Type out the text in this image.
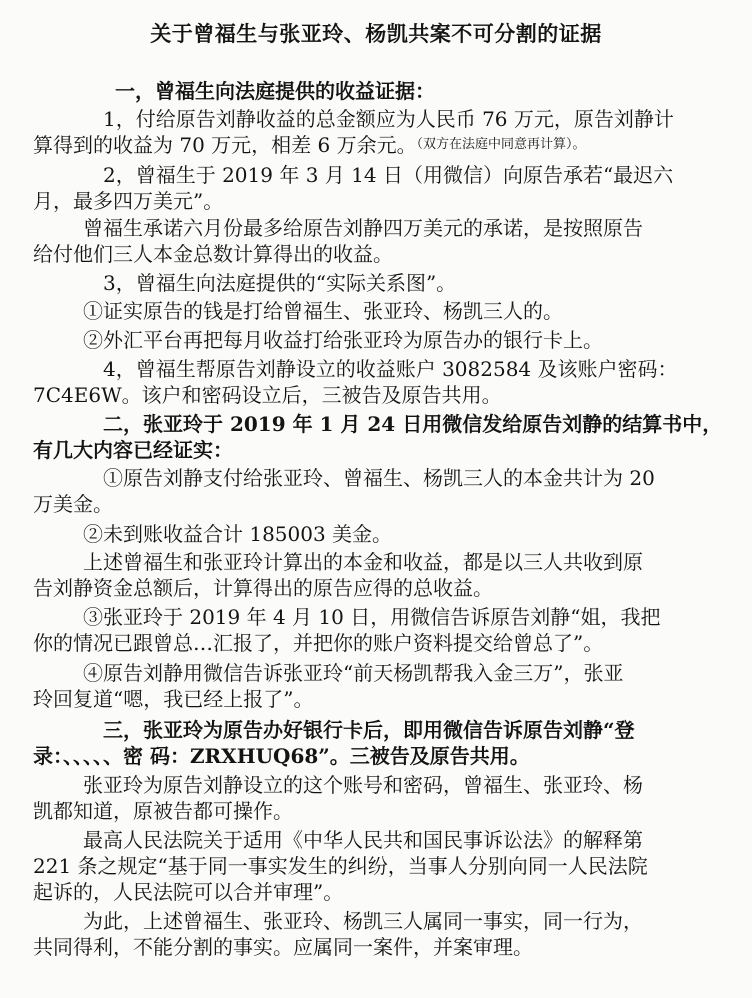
关于曾福生与张亚玲、杨凯共案不可分割的证据

一，曾福生向法庭提供的收益证据：

1，付给原告刘静收益的总金额应为人民币 76 万元，原告刘静计

算得到的收益为 70 万元，相差 6 万余元。

（双方在法庭中同意再计算）。

2，曾福生于 2019 年 3 月 14 日（用微信）向原告承若“最迟六

月，最多四万美元”。

曾福生承诺六月份最多给原告刘静四万美元的承诺，是按照原告

给付他们三人本金总数计算得出的收益。

3，曾福生向法庭提供的“实际关系图”。

①证实原告的钱是打给曾福生、张亚玲、杨凯三人的。

②外汇平台再把每月收益打给张亚玲为原告办的银行卡上。

4，曾福生帮原告刘静设立的收益账户 3082584 及该账户密码：

7C4E6W。该户和密码设立后，三被告及原告共用。

二，张亚玲于 2019 年 1 月 24 日用微信发给原告刘静的结算书中，

有几大内容已经证实：

①原告刘静支付给张亚玲、曾福生、杨凯三人的本金共计为 20

万美金。

②未到账收益合计 185003 美金。

上述曾福生和张亚玲计算出的本金和收益，都是以三人共收到原

告刘静资金总额后，计算得出的原告应得的总收益。

③张亚玲于 2019 年 4 月 10 日，用微信告诉原告刘静“姐，我把

你的情况已跟曾总…汇报了，并把你的账户资料提交给曾总了”。

④原告刘静用微信告诉张亚玲“前天杨凯帮我入金三万”，张亚

玲回复道“嗯，我已经上报了”。

三，张亚玲为原告办好银行卡后，即用微信告诉原告刘静“登

录：、、、、、密 码：ZRXHUQ68”。三被告及原告共用。

张亚玲为原告刘静设立的这个账号和密码，曾福生、张亚玲、杨

凯都知道，原被告都可操作。

最高人民法院关于适用《中华人民共和国民事诉讼法》的解释第

221 条之规定“基于同一事实发生的纠纷，当事人分别向同一人民法院

起诉的，人民法院可以合并审理”。

为此，上述曾福生、张亚玲、杨凯三人属同一事实，同一行为，

共同得利，不能分割的事实。应属同一案件，并案审理。
